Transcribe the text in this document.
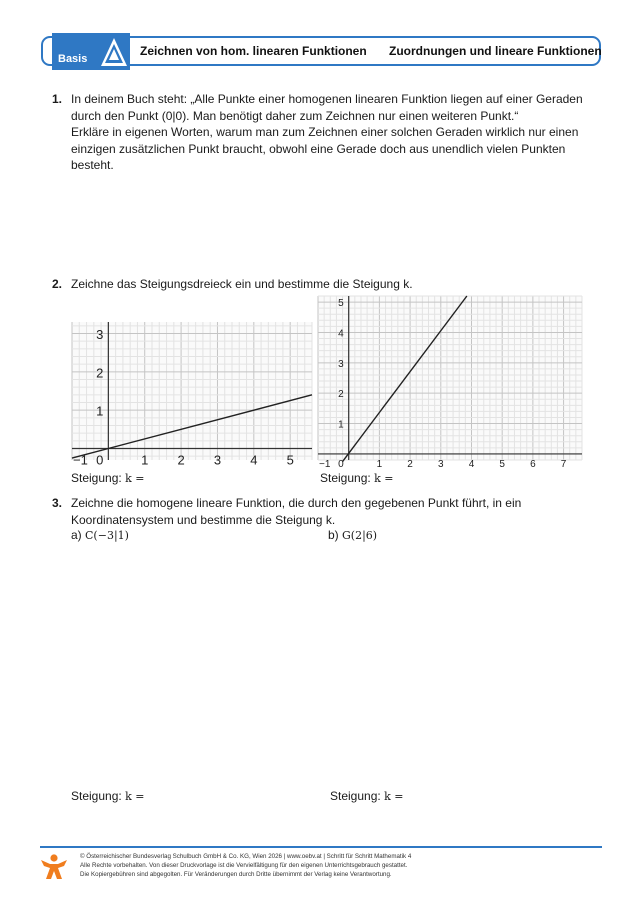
Basis
Zeichnen von hom. linearen Funktionen Zuordnungen und lineare Funktionen
1. In deinem Buch steht: „Alle Punkte einer homogenen linearen Funktion liegen auf einer Geraden
durch den Punkt (0|0). Man benötigt daher zum Zeichnen nur einen weiteren Punkt.“
Erkläre in eigenen Worten, warum man zum Zeichnen einer solchen Geraden wirklich nur einen
einzigen zusätzlichen Punkt braucht, obwohl eine Gerade doch aus unendlich vielen Punkten
besteht.
2. Zeichne das Steigungsdreieck ein und bestimme die Steigung k.
1 2 3 4 5
1
2
3
0
−1	1	2	3	4	5	6	7
1
2
3
4
5
0
−1
Steigung: k =	Steigung: k =
3. Zeichne die homogene lineare Funktion, die durch den gegebenen Punkt führt, in ein
Koordinatensystem und bestimme die Steigung k.
a) C(−3|1)	b) G(2|6)
Steigung: k =	Steigung: k =
© Österreichischer Bundesverlag Schulbuch GmbH & Co. KG, Wien 2026 | www.oebv.at | Schritt für Schritt Mathematik 4
Alle Rechte vorbehalten. Von dieser Druckvorlage ist die Vervielfältigung für den eigenen Unterrichtsgebrauch gestattet.
Die Kopiergebühren sind abgegolten. Für Veränderungen durch Dritte übernimmt der Verlag keine Verantwortung.
